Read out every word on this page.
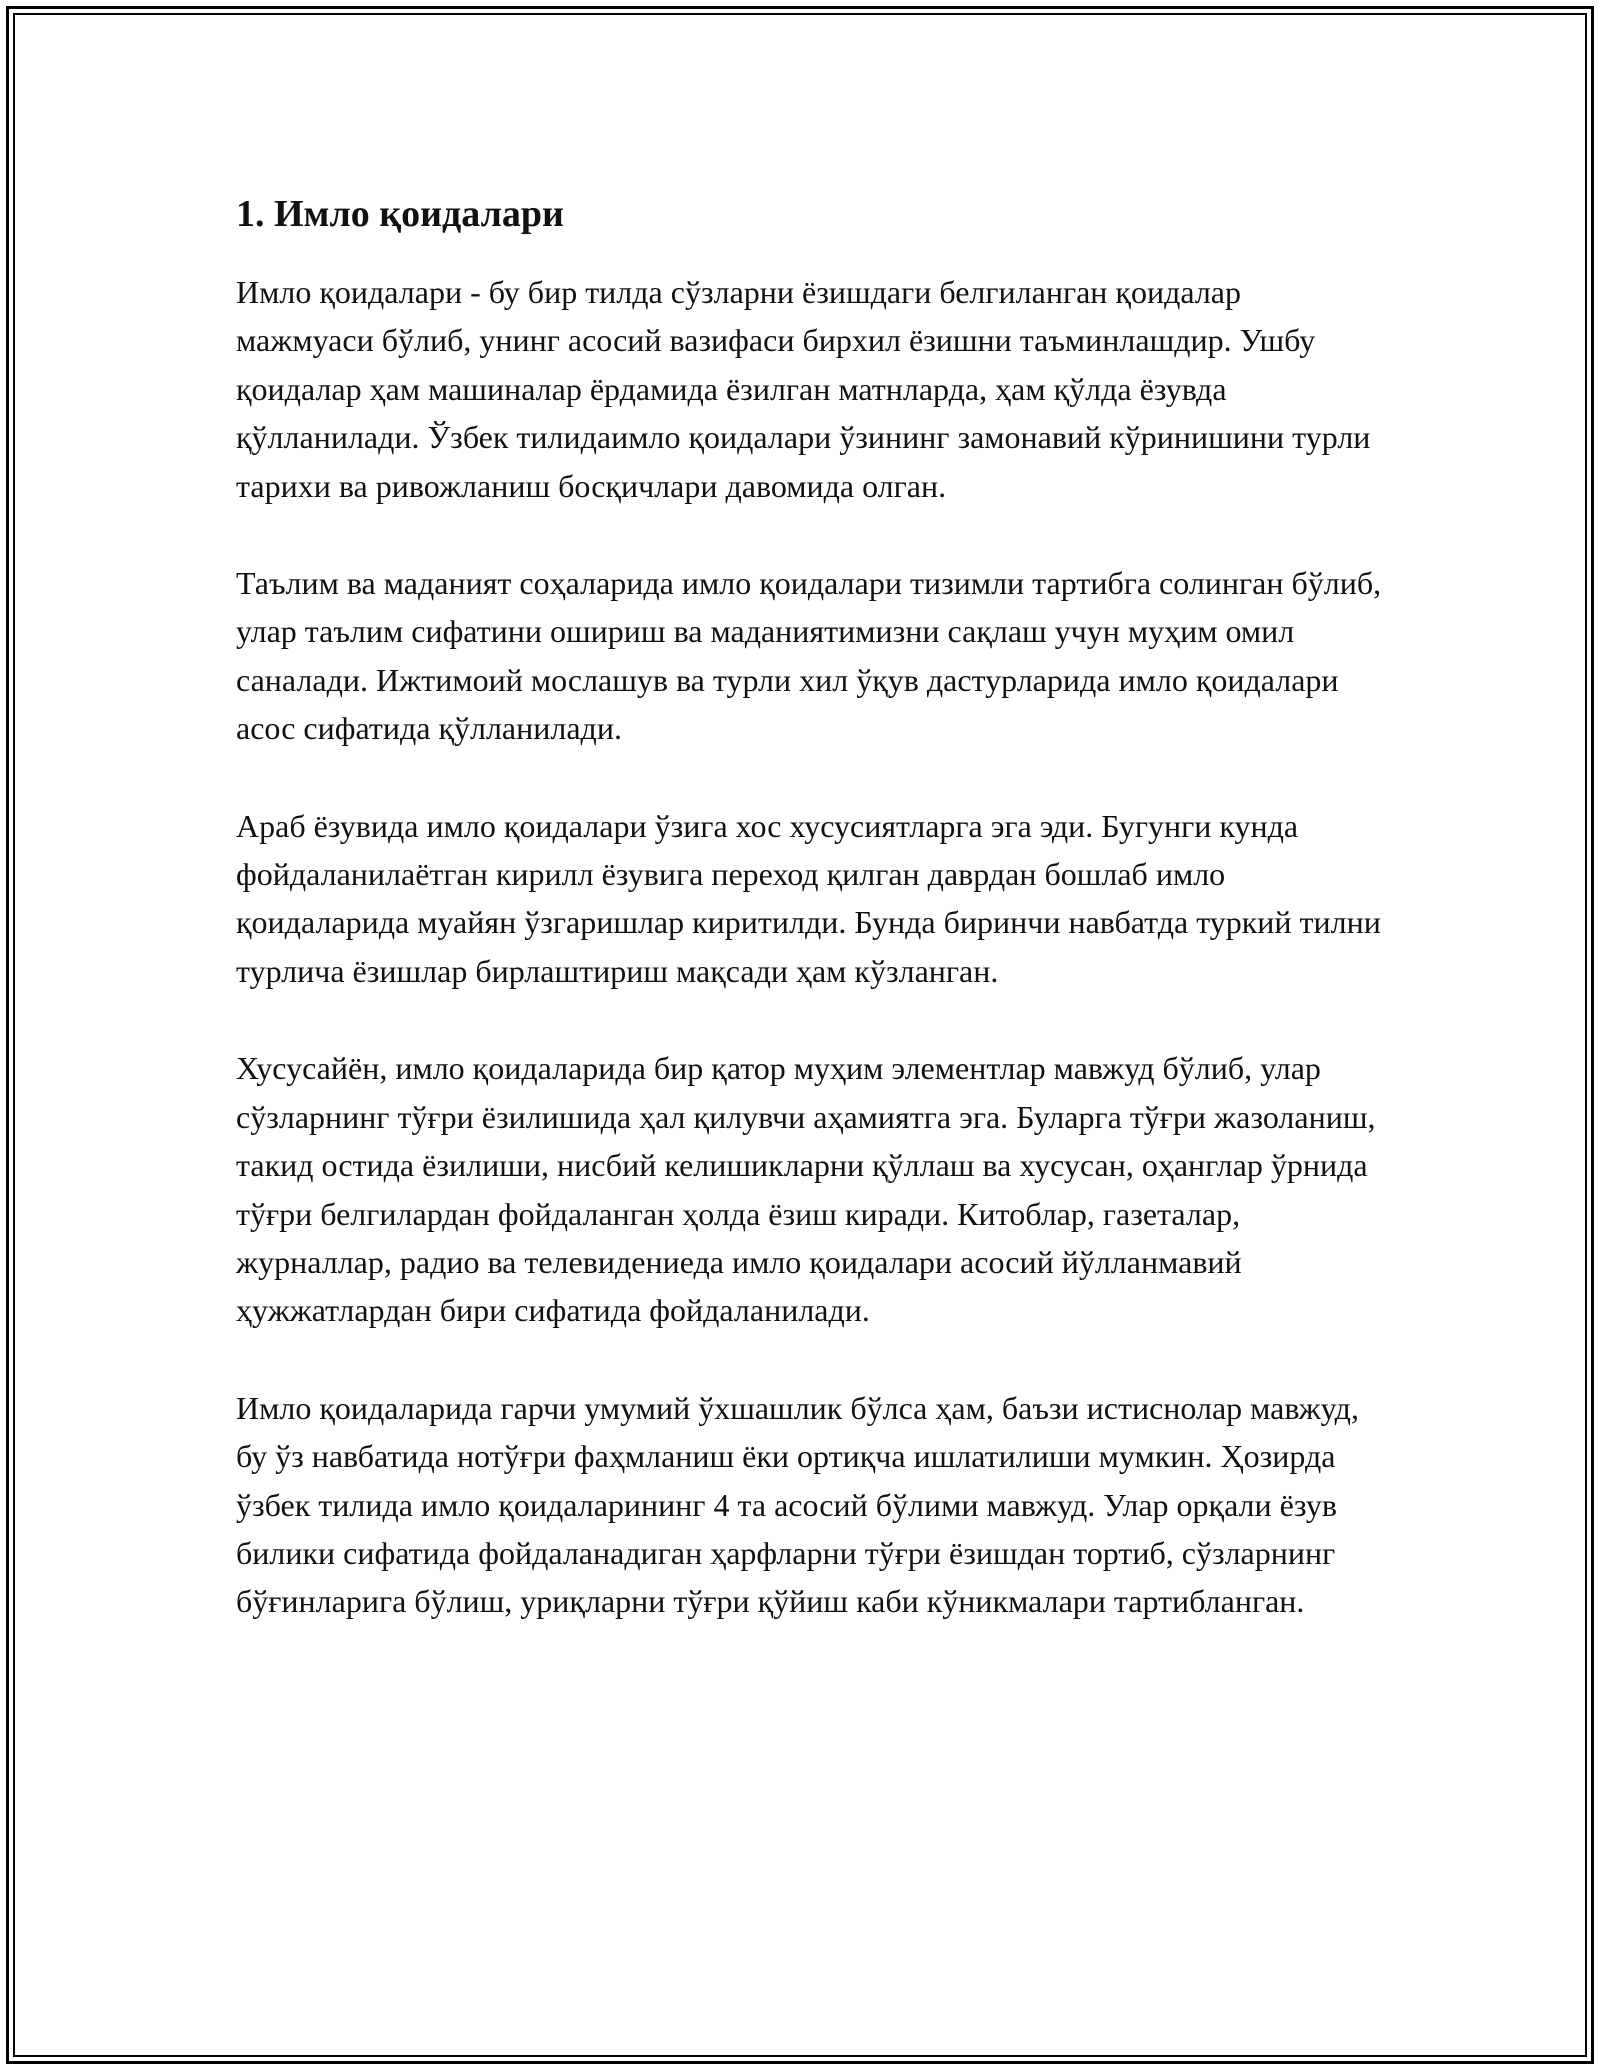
1. Имло қоидалари

Имло қоидалари - бу бир тилда сўзларни ёзишдаги белгиланган қоидалар мажмуаси бўлиб, унинг асосий вазифаси бирхил ёзишни таъминлашдир. Ушбу қоидалар ҳам машиналар ёрдамида ёзилган матнларда, ҳам қўлда ёзувда қўлланилади. Ўзбек тилидаимло қоидалари ўзининг замонавий кўринишини турли тарихи ва ривожланиш босқичлари давомида олган.

Таълим ва маданият соҳаларида имло қоидалари тизимли тартибга солинган бўлиб, улар таълим сифатини ошириш ва маданиятимизни сақлаш учун муҳим омил саналади. Ижтимоий мослашув ва турли хил ўқув дастурларида имло қоидалари асос сифатида қўлланилади.

Араб ёзувида имло қоидалари ўзига хос хусусиятларга эга эди. Бугунги кунда фойдаланилаётган кирилл ёзувига переход қилган даврдан бошлаб имло қоидаларида муайян ўзгаришлар киритилди. Бунда биринчи навбатда туркий тилни турлича ёзишлар бирлаштириш мақсади ҳам кўзланган.

Хусусайён, имло қоидаларида бир қатор муҳим элементлар мавжуд бўлиб, улар сўзларнинг тўғри ёзилишида ҳал қилувчи аҳамиятга эга. Буларга тўғри жазоланиш, такид остида ёзилиши, нисбий келишикларни қўллаш ва хусусан, оҳанглар ўрнида тўғри белгилардан фойдаланган ҳолда ёзиш киради. Китоблар, газеталар, журналлар, радио ва телевидениеда имло қоидалари асосий йўлланмавий ҳужжатлардан бири сифатида фойдаланилади.

Имло қоидаларида гарчи умумий ўхшашлик бўлса ҳам, баъзи истиснолар мавжуд, бу ўз навбатида нотўғри фаҳмланиш ёки ортиқча ишлатилиши мумкин. Ҳозирда ўзбек тилида имло қоидаларининг 4 та асосий бўлими мавжуд. Улар орқали ёзув билики сифатида фойдаланадиган ҳарфларни тўғри ёзишдан тортиб, сўзларнинг бўғинларига бўлиш, уриқларни тўғри қўйиш каби кўникмалари тартибланган.
